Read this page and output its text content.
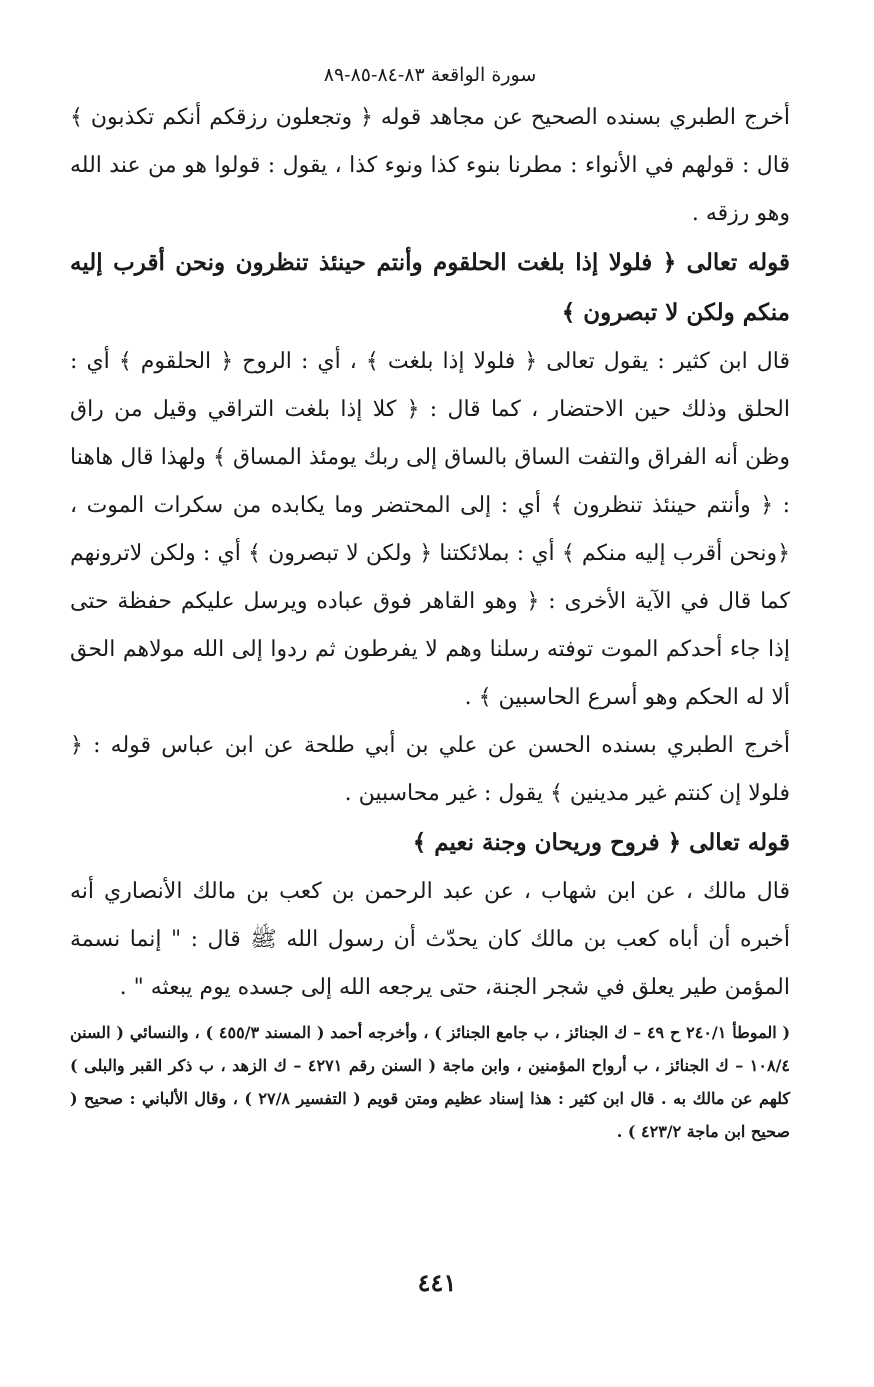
سورة الواقعة ٨٣-٨٤-٨٥-٨٩

أخرج الطبري بسنده الصحيح عن مجاهد قوله ﴿ وتجعلون رزقكم أنكم تكذبون ﴾ قال : قولهم في الأنواء : مطرنا بنوء كذا ونوء كذا ، يقول : قولوا هو من عند الله وهو رزقه .

قوله تعالى ﴿ فلولا إذا بلغت الحلقوم وأنتم حينئذ تنظرون ونحن أقرب إليه منكم ولكن لا تبصرون ﴾

قال ابن كثير : يقول تعالى ﴿ فلولا إذا بلغت ﴾ ، أي : الروح ﴿ الحلقوم ﴾ أي : الحلق وذلك حين الاحتضار ، كما قال : ﴿ كلا إذا بلغت التراقي وقيل من راق وظن أنه الفراق والتفت الساق بالساق إلى ربك يومئذ المساق ﴾ ولهذا قال هاهنا : ﴿ وأنتم حينئذ تنظرون ﴾ أي : إلى المحتضر وما يكابده من سكرات الموت ، ﴿ونحن أقرب إليه منكم ﴾ أي : بملائكتنا ﴿ ولكن لا تبصرون ﴾ أي : ولكن لاترونهم كما قال في الآية الأخرى : ﴿ وهو القاهر فوق عباده ويرسل عليكم حفظة حتى إذا جاء أحدكم الموت توفته رسلنا وهم لا يفرطون ثم ردوا إلى الله مولاهم الحق ألا له الحكم وهو أسرع الحاسبين ﴾ .

أخرج الطبري بسنده الحسن عن علي بن أبي طلحة عن ابن عباس قوله : ﴿ فلولا إن كنتم غير مدينين ﴾ يقول : غير محاسبين .

قوله تعالى ﴿ فروح وريحان وجنة نعيم ﴾

قال مالك ، عن ابن شهاب ، عن عبد الرحمن بن كعب بن مالك الأنصاري أنه أخبره أن أباه كعب بن مالك كان يحدّث أن رسول الله ﷺ قال : " إنما نسمة المؤمن طير يعلق في شجر الجنة، حتى يرجعه الله إلى جسده يوم يبعثه " .

( الموطأ ٢٤٠/١ ح ٤٩ – ك الجنائز ، ب جامع الجنائز ) ، وأخرجه أحمد ( المسند ٤٥٥/٣ ) ، والنسائي ( السنن ١٠٨/٤ – ك الجنائز ، ب أرواح المؤمنين ، وابن ماجة ( السنن رقم ٤٢٧١ – ك الزهد ، ب ذكر القبر والبلى ) كلهم عن مالك به . قال ابن كثير : هذا إسناد عظيم ومتن قويم ( التفسير ٢٧/٨ ) ، وقال الألباني : صحيح ( صحيح ابن ماجة ٤٢٣/٢ ) .

٤٤١
